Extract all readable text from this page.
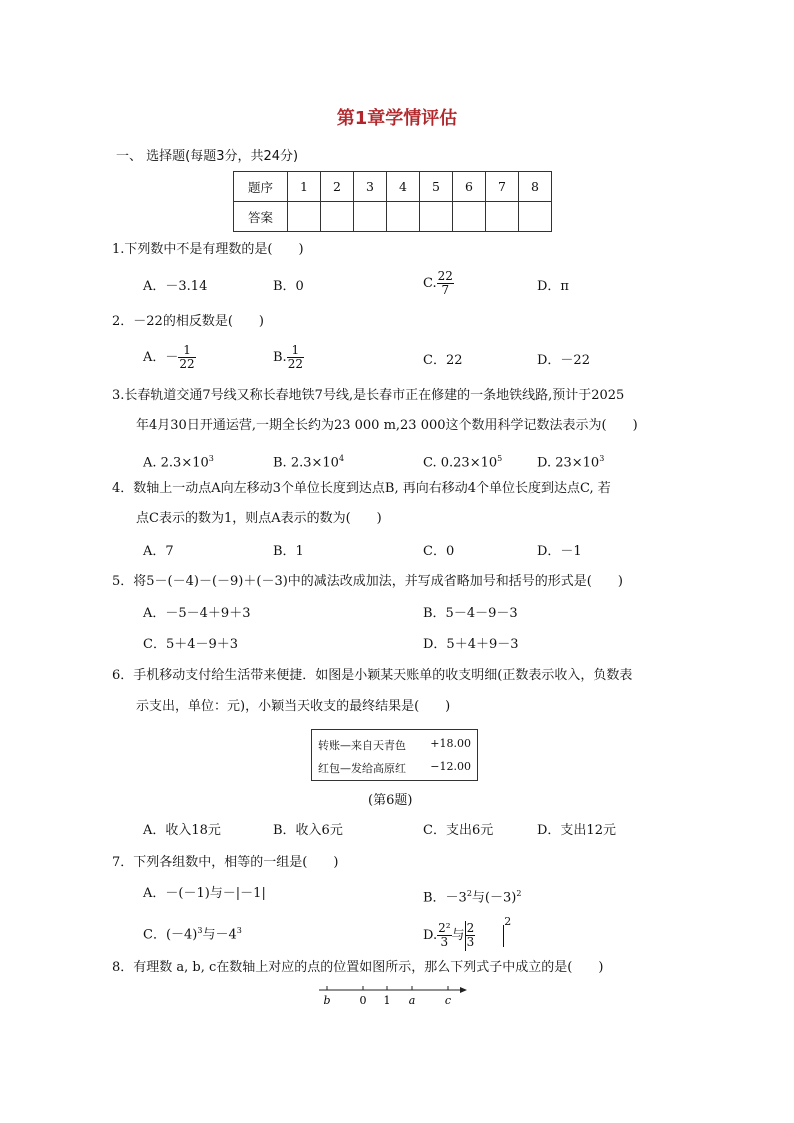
第1章学情评估
一、 选择题(每题3分，共24分)
题序	1	2	3	4	5	6	7	8
答案								
1.下列数中不是有理数的是(　　)
A．－3.14	B．0	C. $\frac{22}{7}$	D．π
2．－22的相反数是(　　)
A．－ $\frac{1}{22}$	B. $\frac{1}{22}$	C．22	D．－22
3.长春轨道交通7号线又称长春地铁7号线,是长春市正在修建的一条地铁线路,预计于2025
年4月30日开通运营,一期全长约为23 000 m,23 000这个数用科学记数法表示为(　　)
A. $2.3\times 10^3$	B. $2.3\times 10^4$	C. $0.23\times 10^5$	D. $23\times 10^3$
4．数轴上一动点A向左移动3个单位长度到达点B, 再向右移动4个单位长度到达点C, 若
点C表示的数为1，则点A表示的数为(　　)
A．7	B．1	C．0	D．－1
5．将5－(－4)－(－9)＋(－3)中的减法改成加法，并写成省略加号和括号的形式是(　　)
A．－5－4＋9＋3	B．5－4－9－3
C．5＋4－9＋3	D．5＋4＋9－3
6．手机移动支付给生活带来便捷．如图是小颖某天账单的收支明细(正数表示收入，负数表
示支出，单位：元)，小颖当天收支的最终结果是(　　)
转账—来自天青色 +18.00
红包—发给高原红 −12.00
(第6题)
A．收入18元	B．收入6元	C．支出6元	D．支出12元
7．下列各组数中，相等的一组是(　　)
A．－(－1)与－|－1|	B．$-3^2$与$(-3)^2$
C．$(-4)^3$与$-4^3$	D. $\frac{\text{2²}}{3}$ 与 $\frac{2}{3}$
$^2$
8．有理数 a, b, c在数轴上对应的点的位置如图所示，那么下列式子中成立的是(　　)
b	0 1 a	c
